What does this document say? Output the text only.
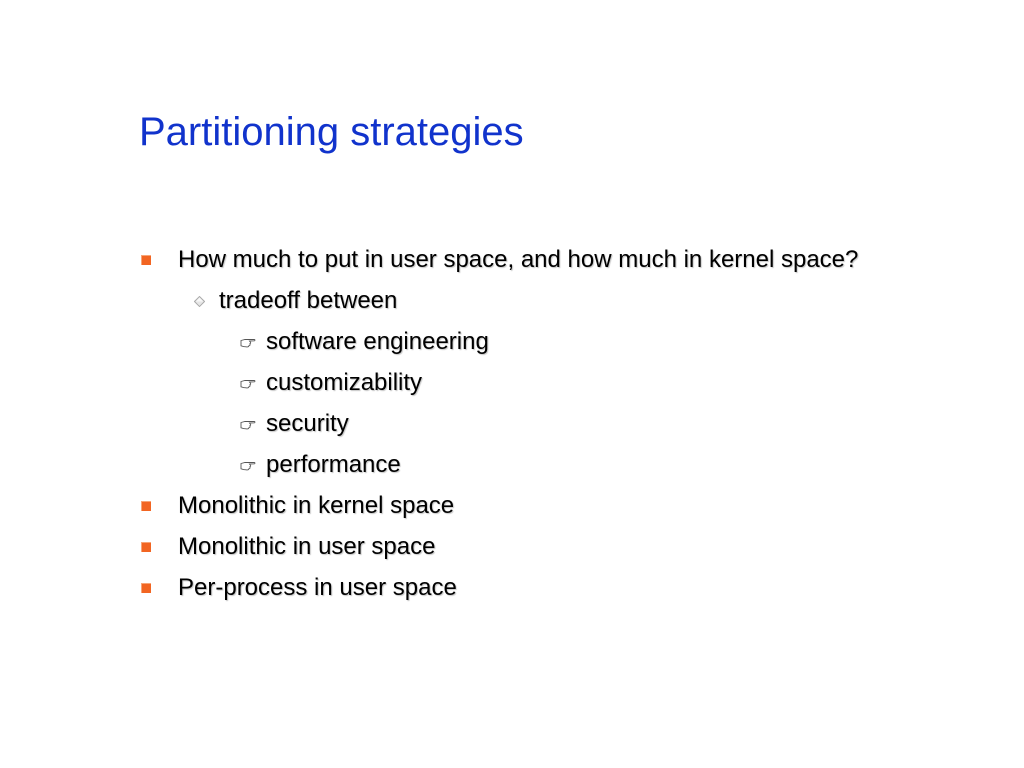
Partitioning strategies
How much to put in user space, and how much in kernel space?
tradeoff between
software engineering
customizability
security
performance
Monolithic in kernel space
Monolithic in user space
Per-process in user space
